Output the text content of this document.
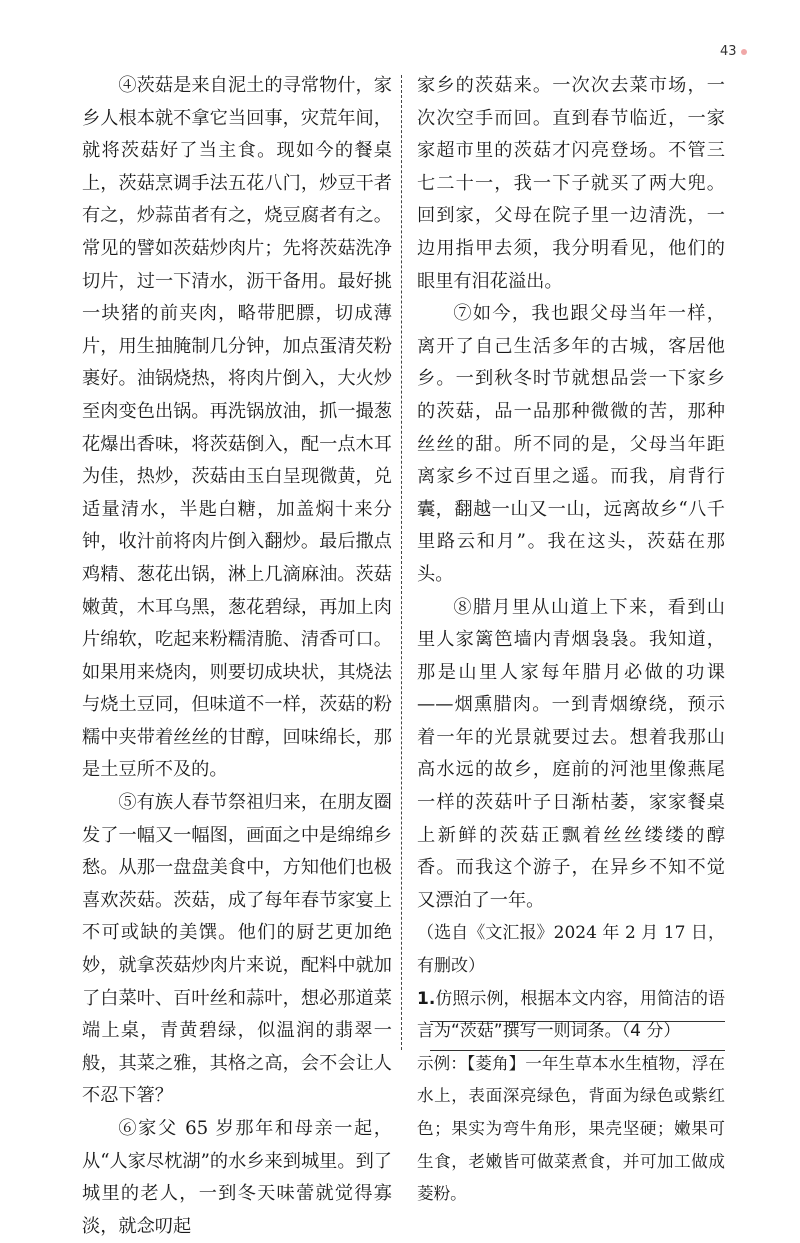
43

④茨菇是来自泥土的寻常物什，家乡人根本就不拿它当回事，灾荒年间，就将茨菇好了当主食。现如今的餐桌上，茨菇烹调手法五花八门，炒豆干者有之，炒蒜苗者有之，烧豆腐者有之。常见的譬如茨菇炒肉片；先将茨菇洗净切片，过一下清水，沥干备用。最好挑一块猪的前夹肉，略带肥膘，切成薄片，用生抽腌制几分钟，加点蛋清芡粉裹好。油锅烧热，将肉片倒入，大火炒至肉变色出锅。再洗锅放油，抓一撮葱花爆出香味，将茨菇倒入，配一点木耳为佳，热炒，茨菇由玉白呈现微黄，兑适量清水，半匙白糖，加盖焖十来分钟，收汁前将肉片倒入翻炒。最后撒点鸡精、葱花出锅，淋上几滴麻油。茨菇嫩黄，木耳乌黑，葱花碧绿，再加上肉片绵软，吃起来粉糯清脆、清香可口。如果用来烧肉，则要切成块状，其烧法与烧土豆同，但味道不一样，茨菇的粉糯中夹带着丝丝的甘醇，回味绵长，那是土豆所不及的。

⑤有族人春节祭祖归来，在朋友圈发了一幅又一幅图，画面之中是绵绵乡愁。从那一盘盘美食中，方知他们也极喜欢茨菇。茨菇，成了每年春节家宴上不可或缺的美馔。他们的厨艺更加绝妙，就拿茨菇炒肉片来说，配料中就加了白菜叶、百叶丝和蒜叶，想必那道菜端上桌，青黄碧绿，似温润的翡翠一般，其菜之雅，其格之高，会不会让人不忍下箸？

⑥家父 65 岁那年和母亲一起，从“人家尽枕湖”的水乡来到城里。到了城里的老人，一到冬天味蕾就觉得寡淡，就念叨起

家乡的茨菇来。一次次去菜市场，一次次空手而回。直到春节临近，一家家超市里的茨菇才闪亮登场。不管三七二十一，我一下子就买了两大兜。回到家，父母在院子里一边清洗，一边用指甲去须，我分明看见，他们的眼里有泪花溢出。

⑦如今，我也跟父母当年一样，离开了自己生活多年的古城，客居他乡。一到秋冬时节就想品尝一下家乡的茨菇，品一品那种微微的苦，那种丝丝的甜。所不同的是，父母当年距离家乡不过百里之遥。而我，肩背行囊，翻越一山又一山，远离故乡“八千里路云和月”。我在这头，茨菇在那头。

⑧腊月里从山道上下来，看到山里人家篱笆墙内青烟袅袅。我知道，那是山里人家每年腊月必做的功课——烟熏腊肉。一到青烟缭绕，预示着一年的光景就要过去。想着我那山高水远的故乡，庭前的河池里像燕尾一样的茨菇叶子日渐枯萎，家家餐桌上新鲜的茨菇正飘着丝丝缕缕的醇香。而我这个游子，在异乡不知不觉又漂泊了一年。

（选自《文汇报》2024 年 2 月 17 日，有删改）

1.仿照示例，根据本文内容，用简洁的语言为“茨菇”撰写一则词条。（4 分）

示例：【菱角】一年生草本水生植物，浮在水上，表面深亮绿色，背面为绿色或紫红色；果实为弯牛角形，果壳坚硬；嫩果可生食，老嫩皆可做菜煮食，并可加工做成菱粉。
